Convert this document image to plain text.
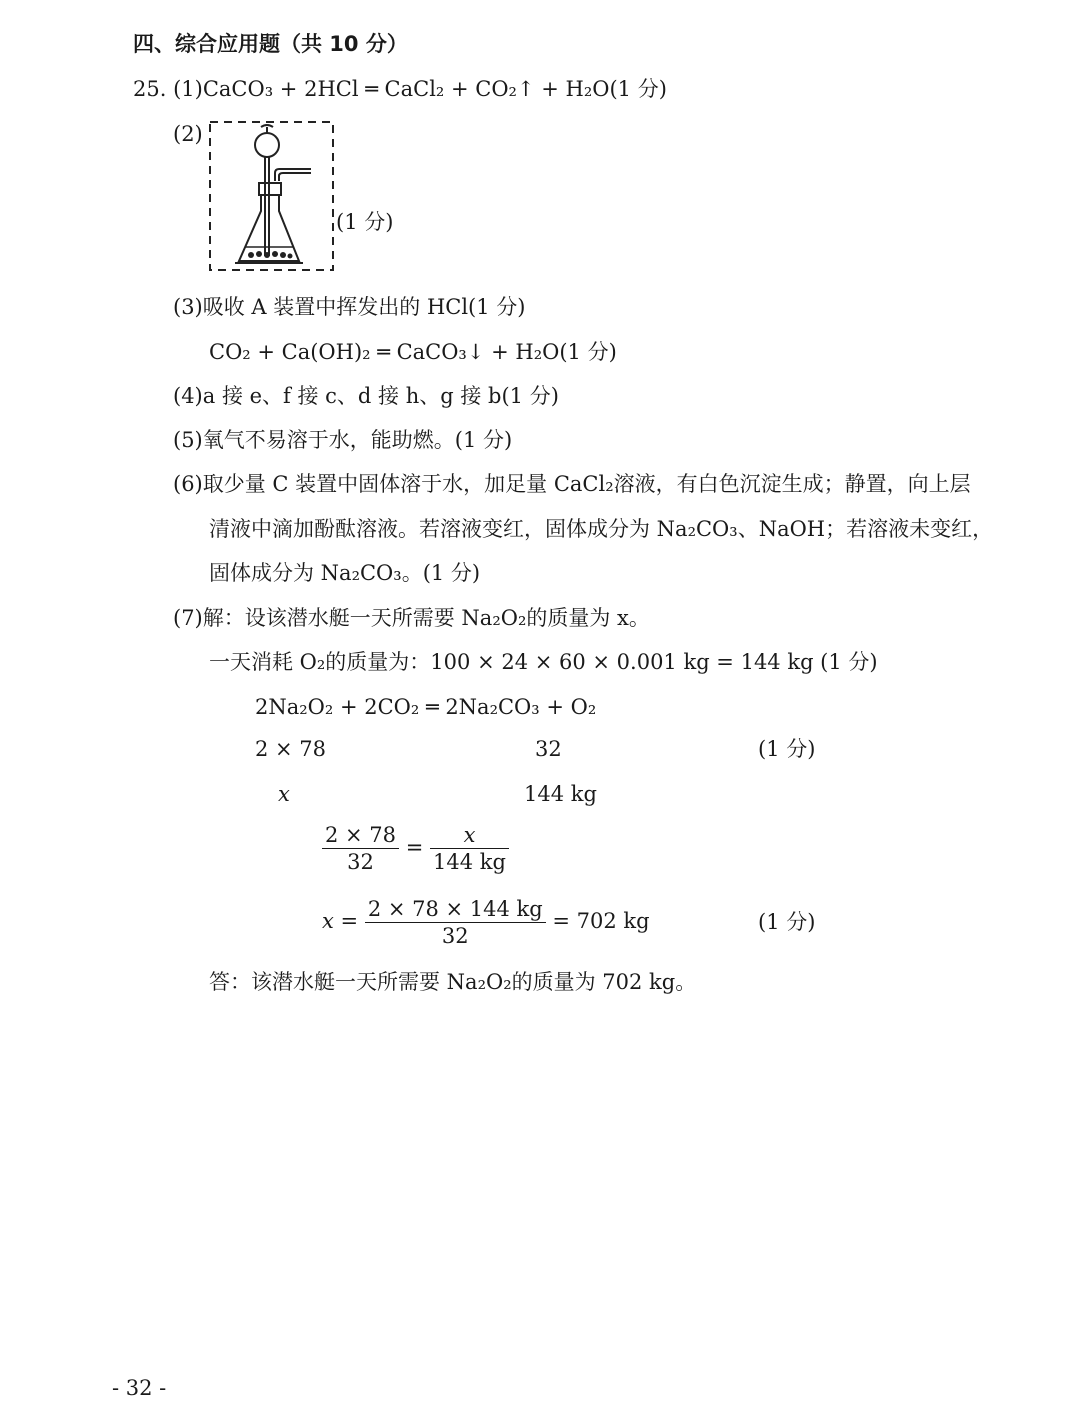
四、综合应用题（共 10 分）
25. (1)CaCO₃ + 2HCl ═ CaCl₂ + CO₂↑ + H₂O(1 分)
(2)
(1 分)
(3)吸收 A 装置中挥发出的 HCl(1 分)
CO₂ + Ca(OH)₂ ═ CaCO₃↓ + H₂O(1 分)
(4)a 接 e、f 接 c、d 接 h、g 接 b(1 分)
(5)氧气不易溶于水，能助燃。(1 分)
(6)取少量 C 装置中固体溶于水，加足量 CaCl₂溶液，有白色沉淀生成；静置，向上层
清液中滴加酚酞溶液。若溶液变红，固体成分为 Na₂CO₃、NaOH；若溶液未变红，
固体成分为 Na₂CO₃。(1 分)
(7)解：设该潜水艇一天所需要 Na₂O₂的质量为 x。
一天消耗 O₂的质量为：100 × 24 × 60 × 0.001 kg = 144 kg (1 分)
2Na₂O₂ + 2CO₂ ═ 2Na₂CO₃ + O₂
2 × 78	32	(1 分)
x	144 kg
$\frac{2 \times 78}{32} = \frac{x}{144 kg}$
$x = \frac{2 \times 78 \times 144 kg}{32} = 702$ kg	(1 分)
答：该潜水艇一天所需要 Na₂O₂的质量为 702 kg。
- 32 -
